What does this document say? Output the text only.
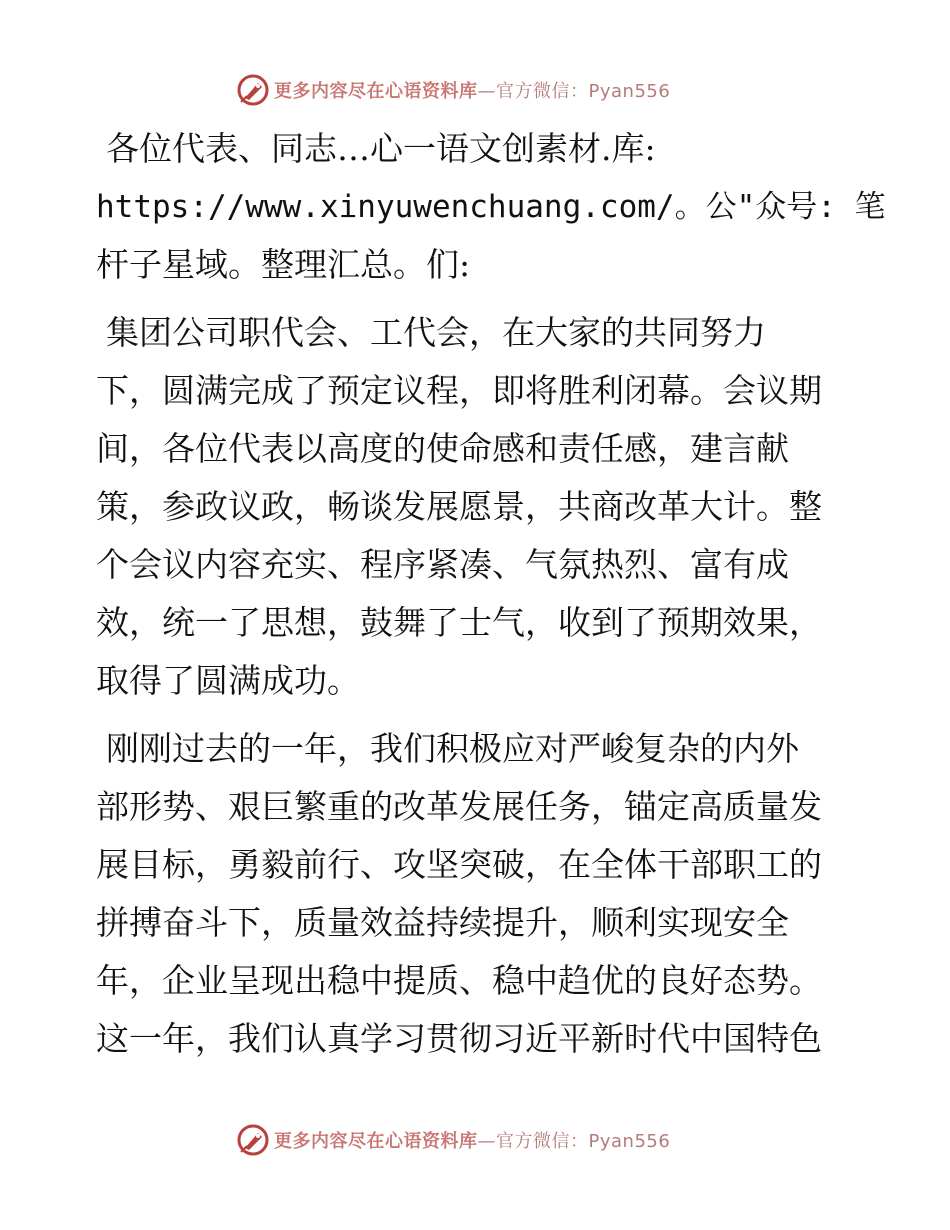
更多内容尽在心语资料库—官方微信：Pyan556
各位代表、同志…心一语文创素材.库:
https://www.xinyuwenchuang.com/。公"众号: 笔
杆子星域。整理汇总。们:
集团公司职代会、工代会，在大家的共同努力
下，圆满完成了预定议程，即将胜利闭幕。会议期
间，各位代表以高度的使命感和责任感，建言献
策，参政议政，畅谈发展愿景，共商改革大计。整
个会议内容充实、程序紧凑、气氛热烈、富有成
效，统一了思想，鼓舞了士气，收到了预期效果，
取得了圆满成功。
刚刚过去的一年，我们积极应对严峻复杂的内外
部形势、艰巨繁重的改革发展任务，锚定高质量发
展目标，勇毅前行、攻坚突破，在全体干部职工的
拼搏奋斗下，质量效益持续提升，顺利实现安全
年，企业呈现出稳中提质、稳中趋优的良好态势。
这一年，我们认真学习贯彻习近平新时代中国特色
更多内容尽在心语资料库—官方微信：Pyan556
